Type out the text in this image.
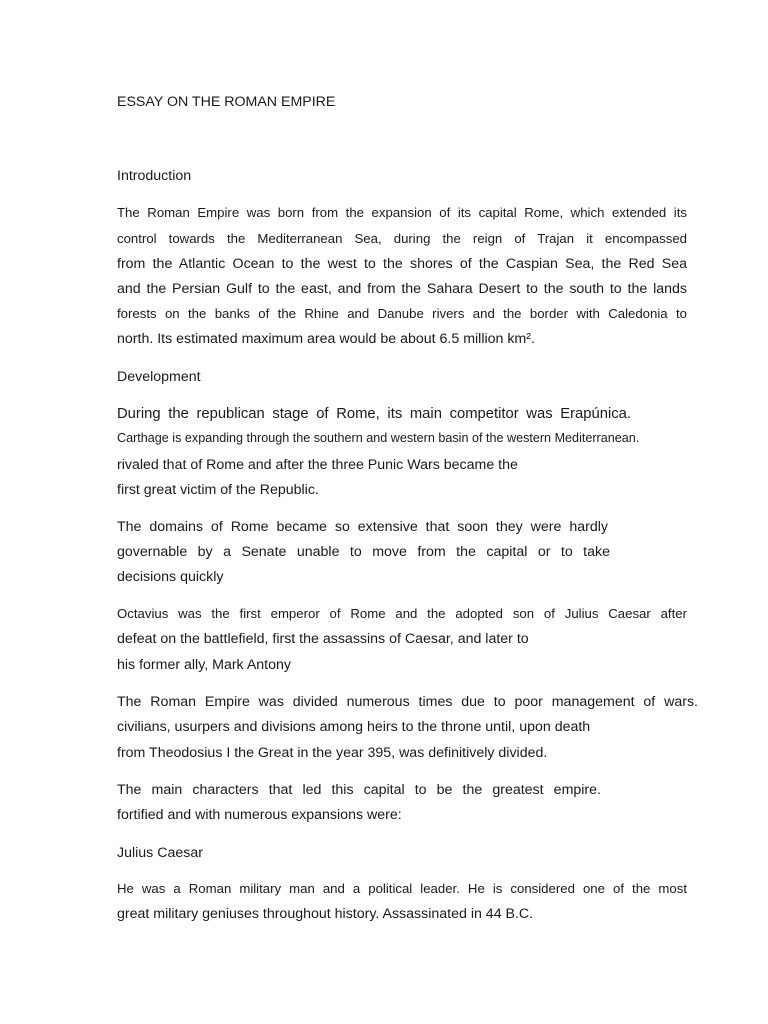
ESSAY ON THE ROMAN EMPIRE
Introduction
The Roman Empire was born from the expansion of its capital Rome, which extended its
control towards the Mediterranean Sea, during the reign of Trajan it encompassed
from the Atlantic Ocean to the west to the shores of the Caspian Sea, the Red Sea
and the Persian Gulf to the east, and from the Sahara Desert to the south to the lands
forests on the banks of the Rhine and Danube rivers and the border with Caledonia to
north. Its estimated maximum area would be about 6.5 million km².
Development
During the republican stage of Rome, its main competitor was Erapúnica.
Carthage is expanding through the southern and western basin of the western Mediterranean.
rivaled that of Rome and after the three Punic Wars became the
first great victim of the Republic.
The domains of Rome became so extensive that soon they were hardly
governable by a Senate unable to move from the capital or to take
decisions quickly
Octavius was the first emperor of Rome and the adopted son of Julius Caesar after
defeat on the battlefield, first the assassins of Caesar, and later to
his former ally, Mark Antony
The Roman Empire was divided numerous times due to poor management of wars.
civilians, usurpers and divisions among heirs to the throne until, upon death
from Theodosius I the Great in the year 395, was definitively divided.
The main characters that led this capital to be the greatest empire.
fortified and with numerous expansions were:
Julius Caesar
He was a Roman military man and a political leader. He is considered one of the most
great military geniuses throughout history. Assassinated in 44 B.C.
